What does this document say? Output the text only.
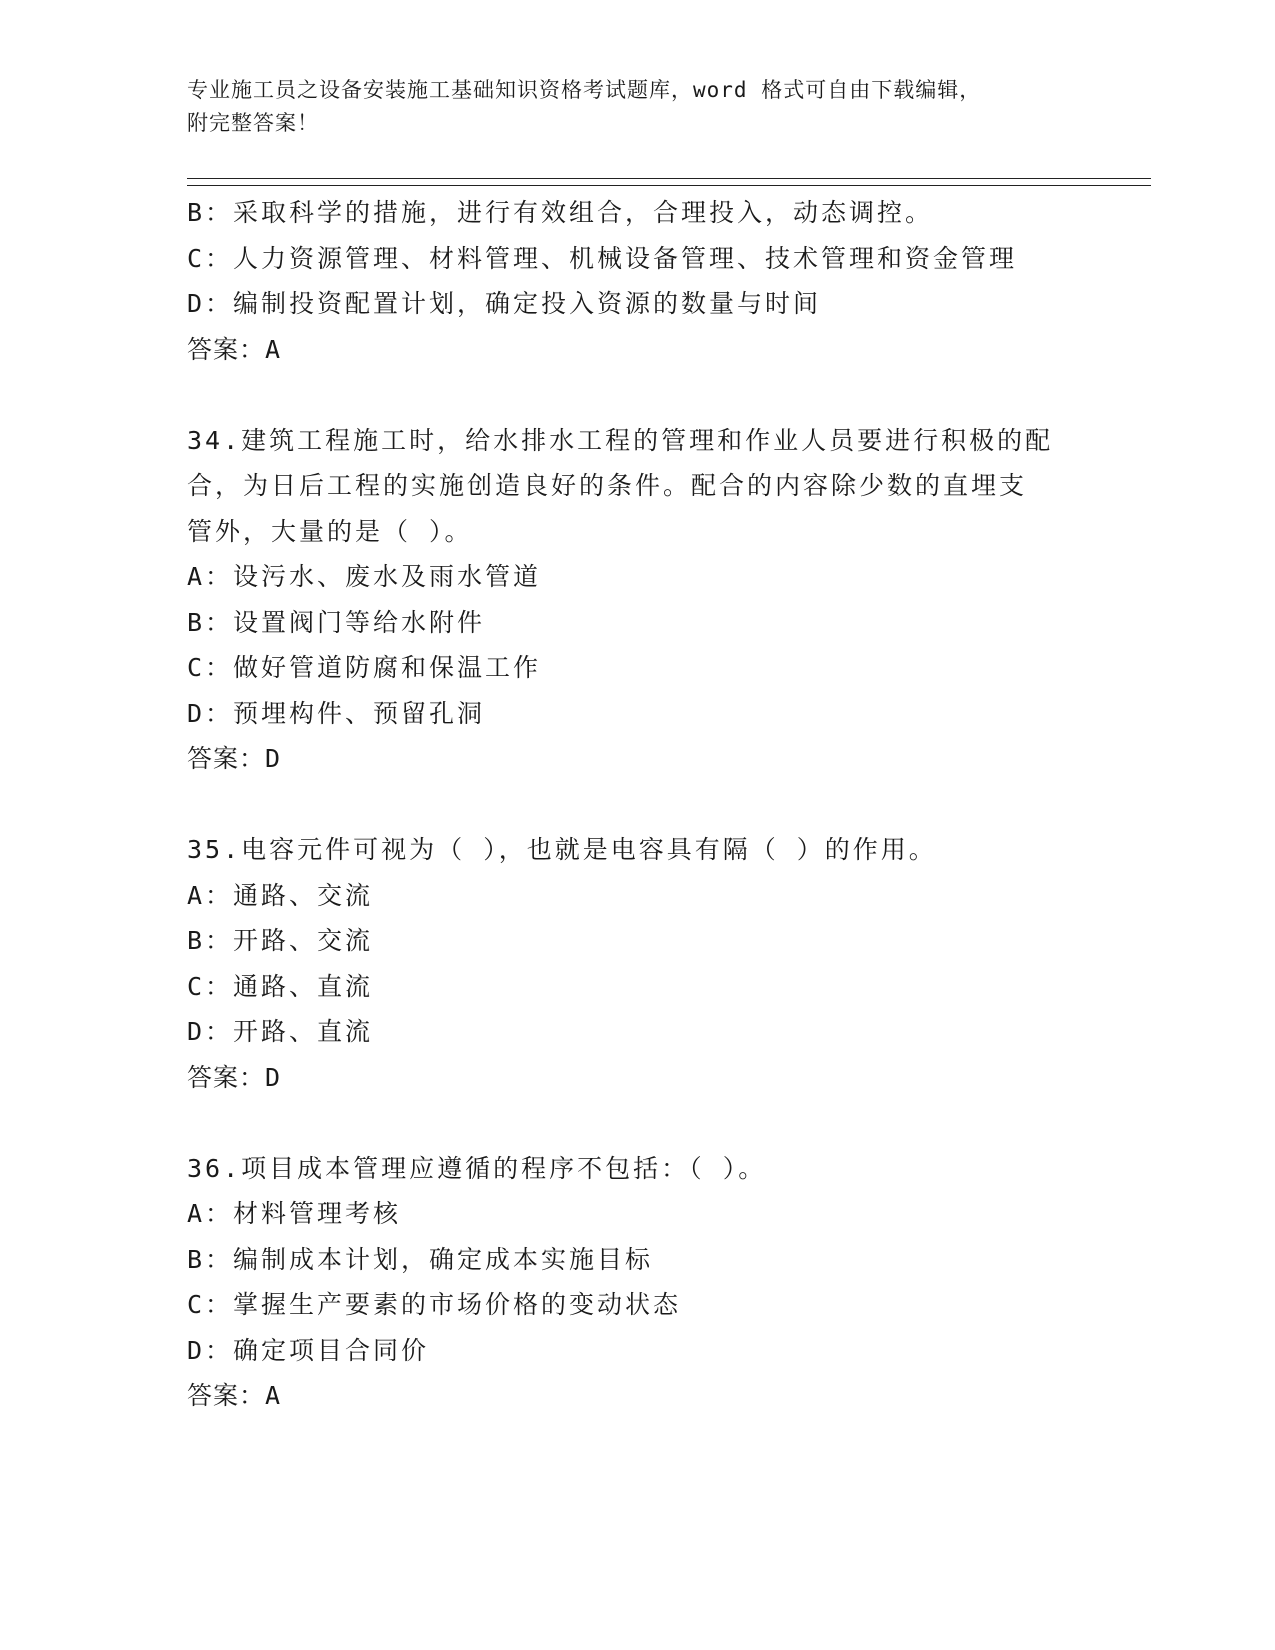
专业施工员之设备安装施工基础知识资格考试题库，word 格式可自由下载编辑，
附完整答案！
B：采取科学的措施，进行有效组合，合理投入，动态调控。
C：人力资源管理、材料管理、机械设备管理、技术管理和资金管理
D：编制投资配置计划，确定投入资源的数量与时间
答案：A
34.建筑工程施工时，给水排水工程的管理和作业人员要进行积极的配
合，为日后工程的实施创造良好的条件。配合的内容除少数的直埋支
管外，大量的是（ ）。
A：设污水、废水及雨水管道
B：设置阀门等给水附件
C：做好管道防腐和保温工作
D：预埋构件、预留孔洞
答案：D
35.电容元件可视为（ ），也就是电容具有隔（ ）的作用。
A：通路、交流
B：开路、交流
C：通路、直流
D：开路、直流
答案：D
36.项目成本管理应遵循的程序不包括：（ ）。
A：材料管理考核
B：编制成本计划，确定成本实施目标
C：掌握生产要素的市场价格的变动状态
D：确定项目合同价
答案：A
